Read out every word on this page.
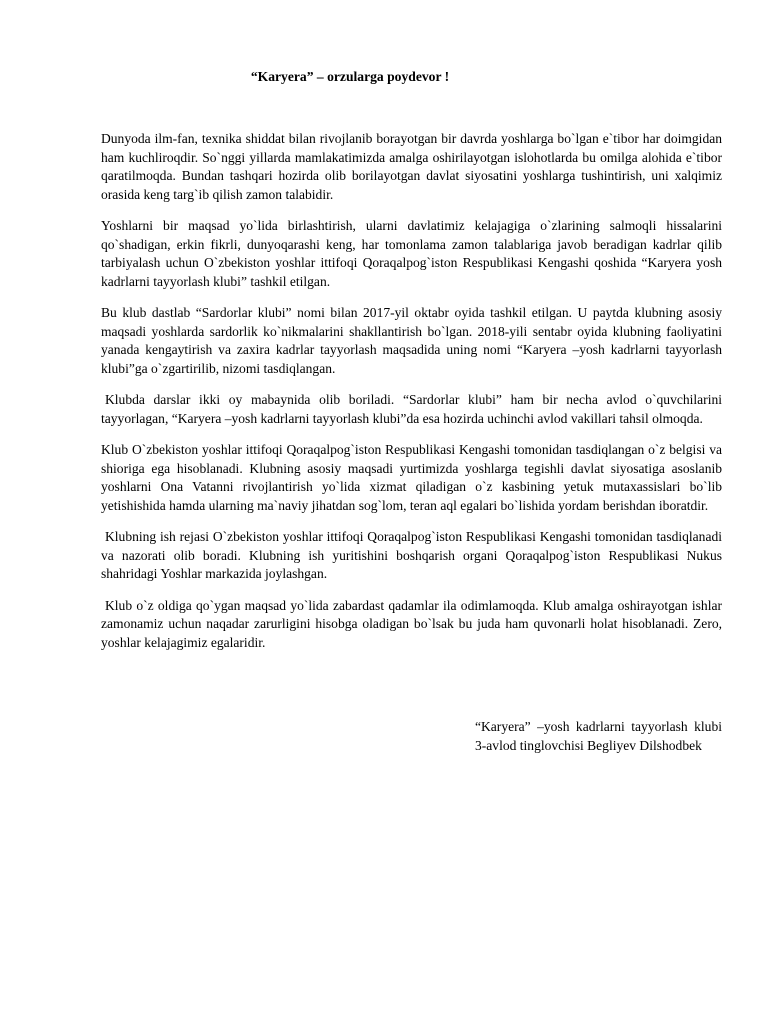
“Karyera” – orzularga poydevor !

Dunyoda ilm-fan, texnika shiddat bilan rivojlanib borayotgan bir davrda yoshlarga bo`lgan e`tibor har doimgidan ham kuchliroqdir. So`nggi yillarda mamlakatimizda amalga oshirilayotgan islohotlarda bu omilga alohida e`tibor qaratilmoqda. Bundan tashqari hozirda olib borilayotgan davlat siyosatini yoshlarga tushintirish, uni xalqimiz orasida keng targ`ib qilish zamon talabidir.

Yoshlarni bir maqsad yo`lida birlashtirish, ularni davlatimiz kelajagiga o`zlarining salmoqli hissalarini qo`shadigan, erkin fikrli, dunyoqarashi keng, har tomonlama zamon talablariga javob beradigan kadrlar qilib tarbiyalash uchun O`zbekiston yoshlar ittifoqi Qoraqalpog`iston Respublikasi Kengashi qoshida “Karyera yosh kadrlarni tayyorlash klubi” tashkil etilgan.

Bu klub dastlab “Sardorlar klubi” nomi bilan 2017-yil oktabr oyida tashkil etilgan. U paytda klubning asosiy maqsadi yoshlarda sardorlik ko`nikmalarini shakllantirish bo`lgan. 2018-yili sentabr oyida klubning faoliyatini yanada kengaytirish va zaxira kadrlar tayyorlash maqsadida uning nomi “Karyera –yosh kadrlarni tayyorlash klubi”ga o`zgartirilib, nizomi tasdiqlangan.

Klubda darslar ikki oy mabaynida olib boriladi. “Sardorlar klubi” ham bir necha avlod o`quvchilarini tayyorlagan, “Karyera –yosh kadrlarni tayyorlash klubi”da esa hozirda uchinchi avlod vakillari tahsil olmoqda.

Klub O`zbekiston yoshlar ittifoqi Qoraqalpog`iston Respublikasi Kengashi tomonidan tasdiqlangan o`z belgisi va shioriga ega hisoblanadi. Klubning asosiy maqsadi yurtimizda yoshlarga tegishli davlat siyosatiga asoslanib yoshlarni Ona Vatanni rivojlantirish yo`lida xizmat qiladigan o`z kasbining yetuk mutaxassislari bo`lib yetishishida hamda ularning ma`naviy jihatdan sog`lom, teran aql egalari bo`lishida yordam berishdan iboratdir.

Klubning ish rejasi O`zbekiston yoshlar ittifoqi Qoraqalpog`iston Respublikasi Kengashi tomonidan tasdiqlanadi va nazorati olib boradi. Klubning ish yuritishini boshqarish organi Qoraqalpog`iston Respublikasi Nukus shahridagi Yoshlar markazida joylashgan.

Klub o`z oldiga qo`ygan maqsad yo`lida zabardast qadamlar ila odimlamoqda. Klub amalga oshirayotgan ishlar zamonamiz uchun naqadar zarurligini hisobga oladigan bo`lsak bu juda ham quvonarli holat hisoblanadi. Zero, yoshlar kelajagimiz egalaridir.

“Karyera” –yosh kadrlarni tayyorlash klubi 3-avlod tinglovchisi Begliyev Dilshodbek
